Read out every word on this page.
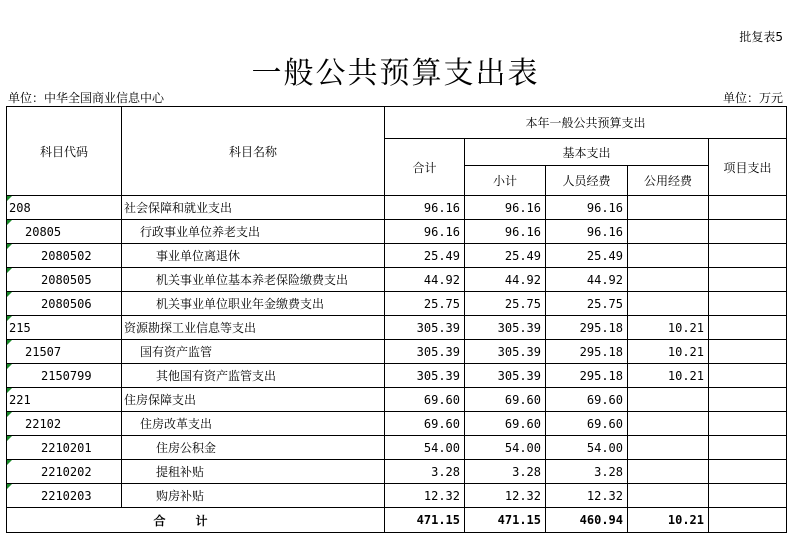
批复表5
一般公共预算支出表
单位：中华全国商业信息中心	单位：万元
科目代码	科目名称	本年一般公共预算支出				
		合计	基本支出			项目支出
			小计	人员经费	公用经费	
208	社会保障和就业支出	96.16	96.16	96.16		
20805	行政事业单位养老支出	96.16	96.16	96.16		
2080502	事业单位离退休	25.49	25.49	25.49		
2080505	机关事业单位基本养老保险缴费支出	44.92	44.92	44.92		
2080506	机关事业单位职业年金缴费支出	25.75	25.75	25.75		
215	资源勘探工业信息等支出	305.39	305.39	295.18	10.21	
21507	国有资产监管	305.39	305.39	295.18	10.21	
2150799	其他国有资产监管支出	305.39	305.39	295.18	10.21	
221	住房保障支出	69.60	69.60	69.60		
22102	住房改革支出	69.60	69.60	69.60		
2210201	住房公积金	54.00	54.00	54.00		
2210202	提租补贴	3.28	3.28	3.28		
2210203	购房补贴	12.32	12.32	12.32		
合计		471.15	471.15	460.94	10.21	
